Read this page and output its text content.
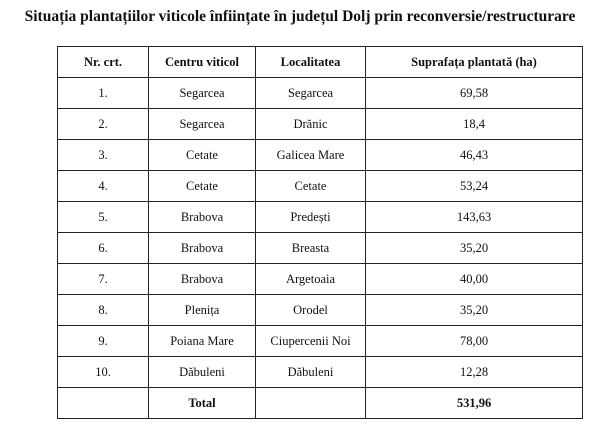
Situația plantațiilor viticole înființate în județul Dolj prin reconversie/restructurare
Nr. crt.	Centru viticol	Localitatea	Suprafața plantată (ha)
1.	Segarcea	Segarcea	69,58
2.	Segarcea	Drănic	18,4
3.	Cetate	Galicea Mare	46,43
4.	Cetate	Cetate	53,24
5.	Brabova	Predești	143,63
6.	Brabova	Breasta	35,20
7.	Brabova	Argetoaia	40,00
8.	Plenița	Orodel	35,20
9.	Poiana Mare	Ciupercenii Noi	78,00
10.	Dăbuleni	Dăbuleni	12,28
	Total		531,96
